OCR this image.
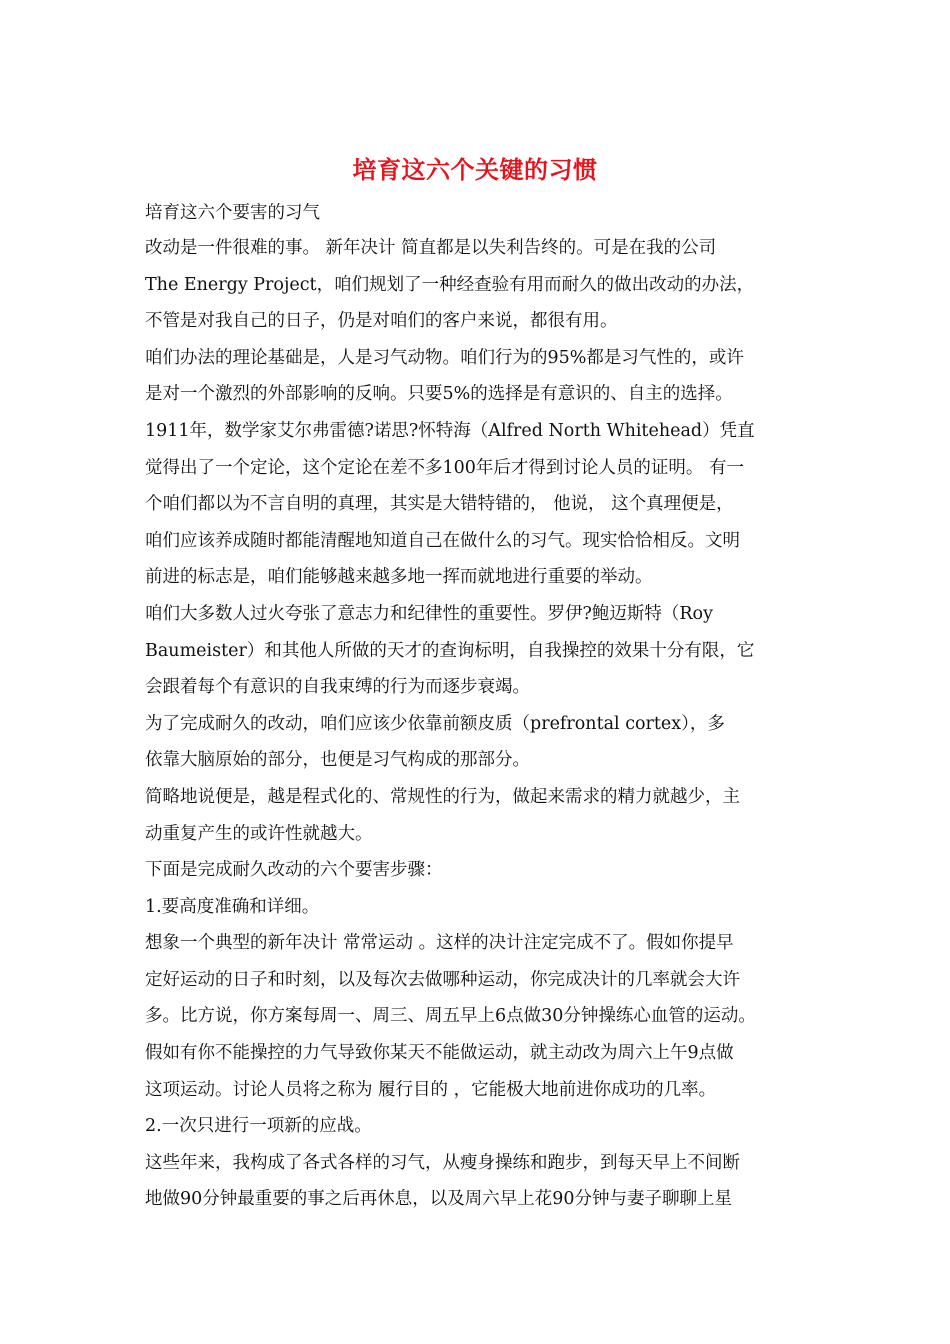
培育这六个关键的习惯
培育这六个要害的习气
改动是一件很难的事。 新年决计 简直都是以失利告终的。可是在我的公司
The Energy Project，咱们规划了一种经查验有用而耐久的做出改动的办法，
不管是对我自己的日子，仍是对咱们的客户来说，都很有用。
咱们办法的理论基础是，人是习气动物。咱们行为的95%都是习气性的，或许
是对一个激烈的外部影响的反响。只要5%的选择是有意识的、自主的选择。
1911年，数学家艾尔弗雷德?诺思?怀特海（Alfred North Whitehead）凭直
觉得出了一个定论，这个定论在差不多100年后才得到讨论人员的证明。 有一
个咱们都以为不言自明的真理，其实是大错特错的， 他说， 这个真理便是，
咱们应该养成随时都能清醒地知道自己在做什么的习气。现实恰恰相反。文明
前进的标志是，咱们能够越来越多地一挥而就地进行重要的举动。
咱们大多数人过火夸张了意志力和纪律性的重要性。罗伊?鲍迈斯特（Roy
Baumeister）和其他人所做的天才的查询标明，自我操控的效果十分有限，它
会跟着每个有意识的自我束缚的行为而逐步衰竭。
为了完成耐久的改动，咱们应该少依靠前额皮质（prefrontal cortex），多
依靠大脑原始的部分，也便是习气构成的那部分。
简略地说便是，越是程式化的、常规性的行为，做起来需求的精力就越少，主
动重复产生的或许性就越大。
下面是完成耐久改动的六个要害步骤：
1.要高度准确和详细。
想象一个典型的新年决计 常常运动 。这样的决计注定完成不了。假如你提早
定好运动的日子和时刻，以及每次去做哪种运动，你完成决计的几率就会大许
多。比方说，你方案每周一、周三、周五早上6点做30分钟操练心血管的运动。
假如有你不能操控的力气导致你某天不能做运动，就主动改为周六上午9点做
这项运动。讨论人员将之称为 履行目的 ，它能极大地前进你成功的几率。
2.一次只进行一项新的应战。
这些年来，我构成了各式各样的习气，从瘦身操练和跑步，到每天早上不间断
地做90分钟最重要的事之后再休息，以及周六早上花90分钟与妻子聊聊上星
